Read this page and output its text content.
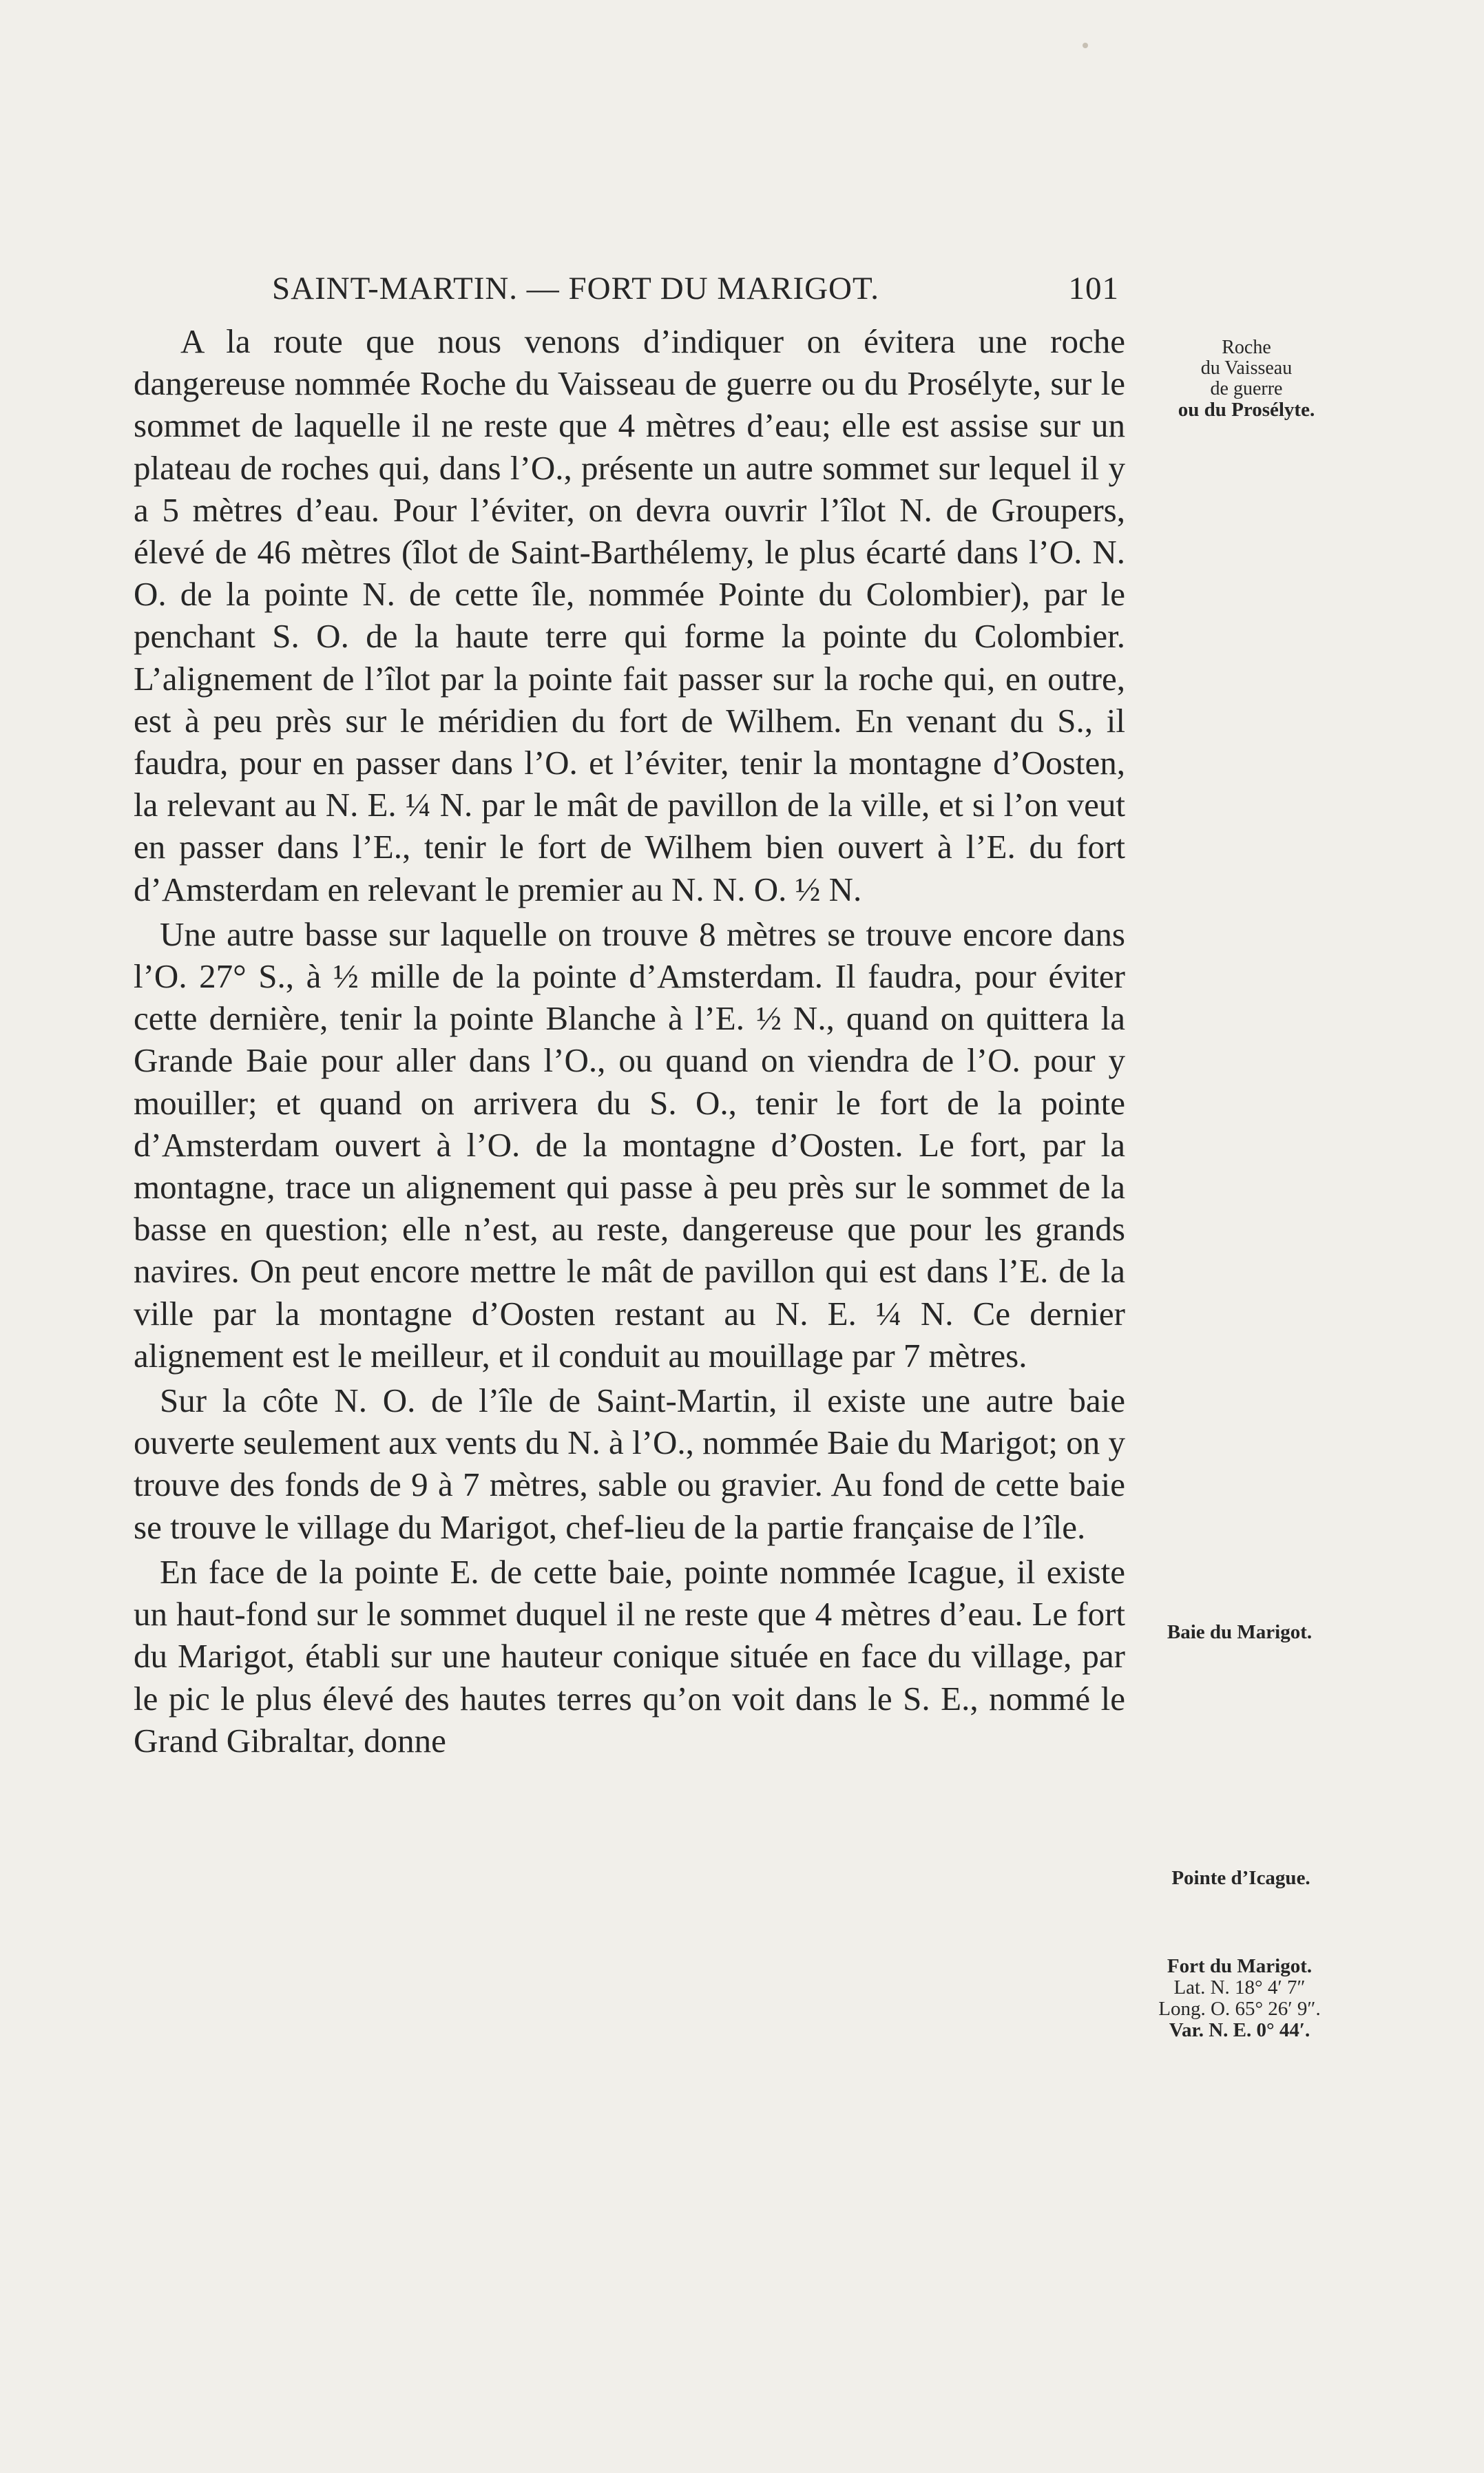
SAINT-MARTIN. — FORT DU MARIGOT.	101

A la route que nous venons d’indiquer on évitera une roche dangereuse nommée Roche du Vaisseau de guerre ou du Prosélyte, sur le sommet de laquelle il ne reste que 4 mètres d’eau; elle est assise sur un plateau de roches qui, dans l’O., présente un autre sommet sur lequel il y a 5 mètres d’eau. Pour l’éviter, on devra ouvrir l’îlot N. de Groupers, élevé de 46 mètres (îlot de Saint-Barthélemy, le plus écarté dans l’O. N. O. de la pointe N. de cette île, nommée Pointe du Colombier), par le penchant S. O. de la haute terre qui forme la pointe du Colombier. L’alignement de l’îlot par la pointe fait passer sur la roche qui, en outre, est à peu près sur le méridien du fort de Wilhem. En venant du S., il faudra, pour en passer dans l’O. et l’éviter, tenir la montagne d’Oosten, la relevant au N. E. ¼ N. par le mât de pavillon de la ville, et si l’on veut en passer dans l’E., tenir le fort de Wilhem bien ouvert à l’E. du fort d’Amsterdam en relevant le premier au N. N. O. ½ N.

Une autre basse sur laquelle on trouve 8 mètres se trouve encore dans l’O. 27° S., à ½ mille de la pointe d’Amsterdam. Il faudra, pour éviter cette dernière, tenir la pointe Blanche à l’E. ½ N., quand on quittera la Grande Baie pour aller dans l’O., ou quand on viendra de l’O. pour y mouiller; et quand on arrivera du S. O., tenir le fort de la pointe d’Amsterdam ouvert à l’O. de la montagne d’Oosten. Le fort, par la montagne, trace un alignement qui passe à peu près sur le sommet de la basse en question; elle n’est, au reste, dangereuse que pour les grands navires. On peut encore mettre le mât de pavillon qui est dans l’E. de la ville par la montagne d’Oosten restant au N. E. ¼ N. Ce dernier alignement est le meilleur, et il conduit au mouillage par 7 mètres.

Sur la côte N. O. de l’île de Saint-Martin, il existe une autre baie ouverte seulement aux vents du N. à l’O., nommée Baie du Marigot; on y trouve des fonds de 9 à 7 mètres, sable ou gravier. Au fond de cette baie se trouve le village du Marigot, chef-lieu de la partie française de l’île.

En face de la pointe E. de cette baie, pointe nommée Icague, il existe un haut-fond sur le sommet duquel il ne reste que 4 mètres d’eau. Le fort du Marigot, établi sur une hauteur conique située en face du village, par le pic le plus élevé des hautes terres qu’on voit dans le S. E., nommé le Grand Gibraltar, donne

Roche
du Vaisseau
de guerre
ou du Prosélyte.
Baie du Marigot.
Pointe d’Icague.
Fort du Marigot.
Lat. N. 18° 4′ 7″
Long. O. 65° 26′ 9″.
Var. N. E. 0° 44′.
